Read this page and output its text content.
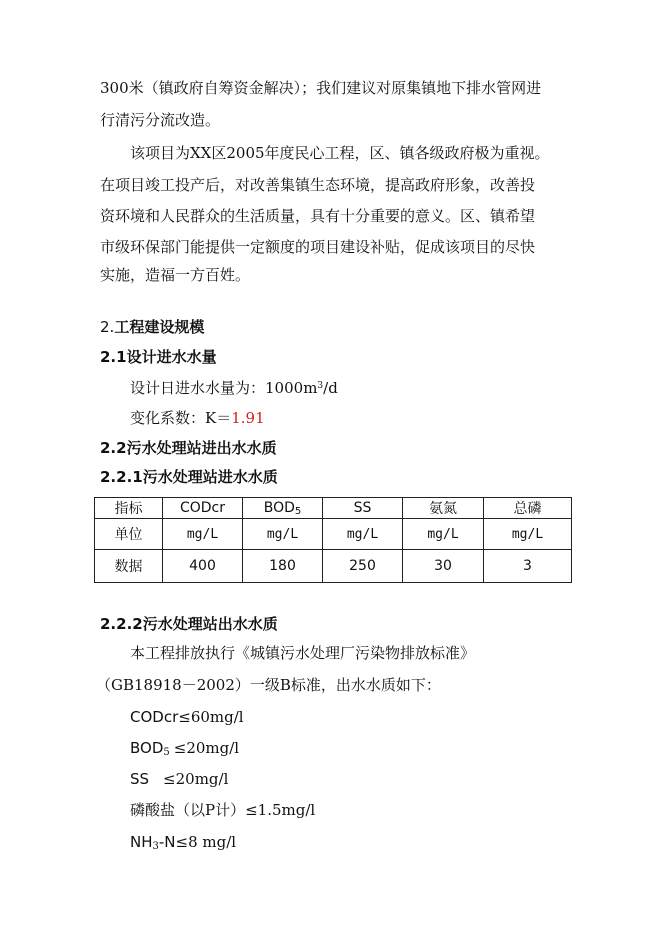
300米（镇政府自筹资金解决）；我们建议对原集镇地下排水管网进
行清污分流改造。
该项目为XX区2005年度民心工程，区、镇各级政府极为重视。
在项目竣工投产后，对改善集镇生态环境，提高政府形象，改善投
资环境和人民群众的生活质量，具有十分重要的意义。区、镇希望
市级环保部门能提供一定额度的项目建设补贴，促成该项目的尽快
实施，造福一方百姓。
2.工程建设规模
2.1设计进水水量
设计日进水水量为：$1000m^3/d$
变化系数：K＝1.91
2.2污水处理站进出水水质
2.2.1污水处理站进水水质
指标	CODcr	$BOD_5$	SS	氨氮	总磷
单位	mg/L	mg/L	mg/L	mg/L	mg/L
数据	400	180	250	30	3
2.2.2污水处理站出水水质
本工程排放执行《城镇污水处理厂污染物排放标准》
（GB18918－2002）一级B标准，出水水质如下：
CODcr≤60mg/l
$BOD_5 \le 20mg/l$
SS ≤20mg/l
磷酸盐（以P计）≤1.5mg/l
$NH_3-N\le 8$ mg/l
